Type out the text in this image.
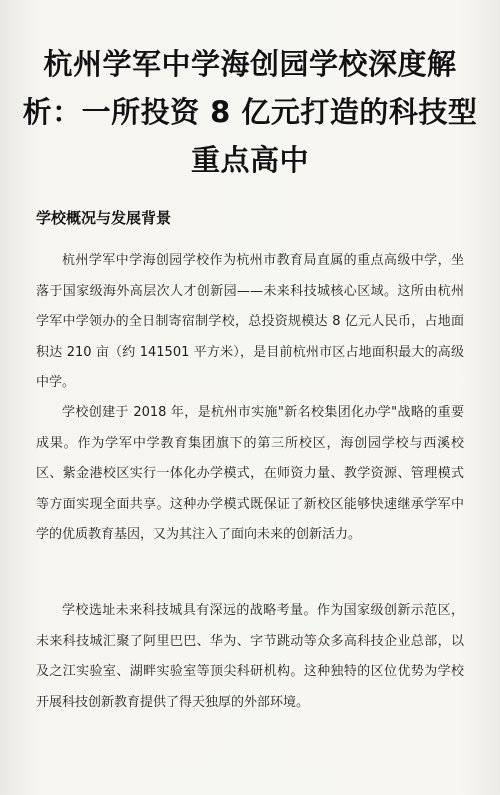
杭州学军中学海创园学校深度解析：一所投资 8 亿元打造的科技型重点高中
学校概况与发展背景

杭州学军中学海创园学校作为杭州市教育局直属的重点高级中学，坐落于国家级海外高层次人才创新园——未来科技城核心区域。这所由杭州学军中学领办的全日制寄宿制学校，总投资规模达 8 亿元人民币，占地面积达 210 亩（约 141501 平方米），是目前杭州市区占地面积最大的高级中学。

学校创建于 2018 年，是杭州市实施"新名校集团化办学"战略的重要成果。作为学军中学教育集团旗下的第三所校区，海创园学校与西溪校区、紫金港校区实行一体化办学模式，在师资力量、教学资源、管理模式等方面实现全面共享。这种办学模式既保证了新校区能够快速继承学军中学的优质教育基因，又为其注入了面向未来的创新活力。

学校选址未来科技城具有深远的战略考量。作为国家级创新示范区，未来科技城汇聚了阿里巴巴、华为、字节跳动等众多高科技企业总部，以及之江实验室、湖畔实验室等顶尖科研机构。这种独特的区位优势为学校开展科技创新教育提供了得天独厚的外部环境。
